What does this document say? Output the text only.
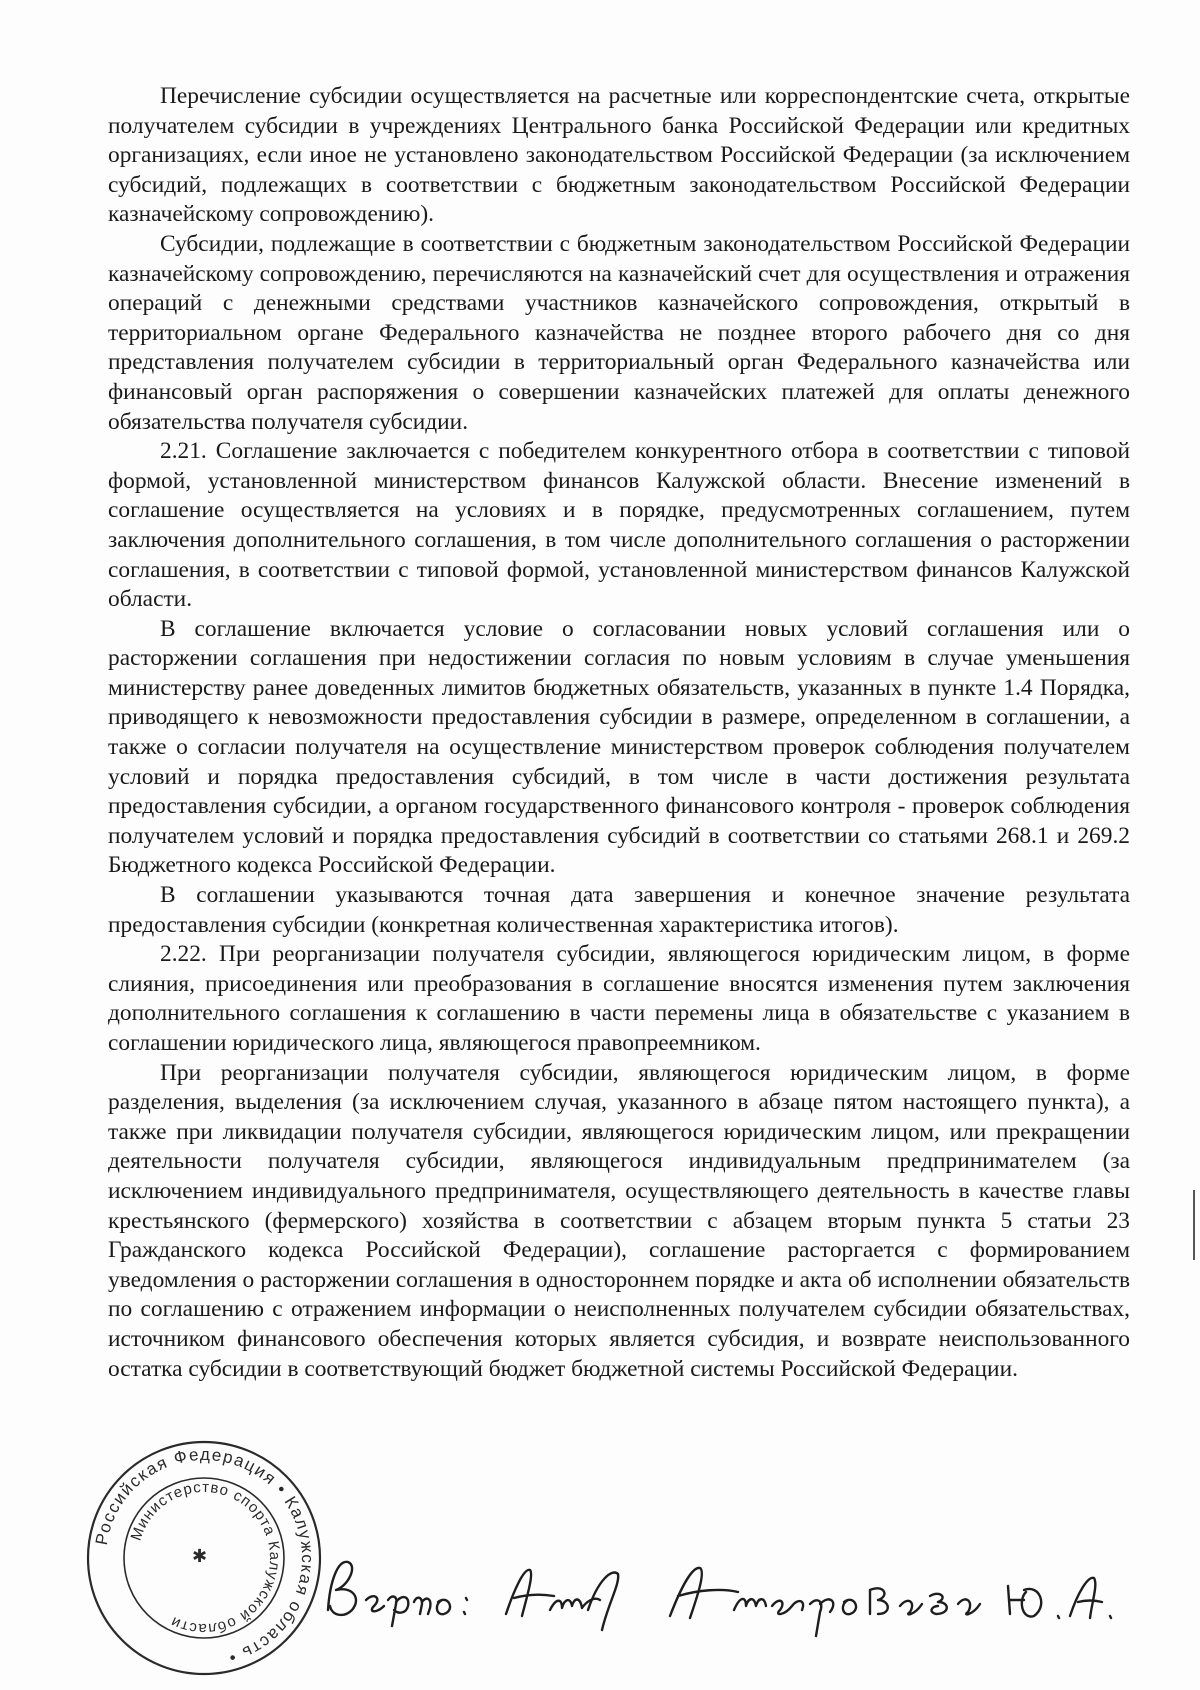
Перечисление субсидии осуществляется на расчетные или корреспондентские счета, открытые получателем субсидии в учреждениях Центрального банка Российской Федерации или кредитных организациях, если иное не установлено законодательством Российской Федерации (за исключением субсидий, подлежащих в соответствии с бюджетным законодательством Российской Федерации казначейскому сопровождению).

Субсидии, подлежащие в соответствии с бюджетным законодательством Российской Федерации казначейскому сопровождению, перечисляются на казначейский счет для осуществления и отражения операций с денежными средствами участников казначейского сопровождения, открытый в территориальном органе Федерального казначейства не позднее второго рабочего дня со дня представления получателем субсидии в территориальный орган Федерального казначейства или финансовый орган распоряжения о совершении казначейских платежей для оплаты денежного обязательства получателя субсидии.

2.21. Соглашение заключается с победителем конкурентного отбора в соответствии с типовой формой, установленной министерством финансов Калужской области. Внесение изменений в соглашение осуществляется на условиях и в порядке, предусмотренных соглашением, путем заключения дополнительного соглашения, в том числе дополнительного соглашения о расторжении соглашения, в соответствии с типовой формой, установленной министерством финансов Калужской области.

В соглашение включается условие о согласовании новых условий соглашения или о расторжении соглашения при недостижении согласия по новым условиям в случае уменьшения министерству ранее доведенных лимитов бюджетных обязательств, указанных в пункте 1.4 Порядка, приводящего к невозможности предоставления субсидии в размере, определенном в соглашении, а также о согласии получателя на осуществление министерством проверок соблюдения получателем условий и порядка предоставления субсидий, в том числе в части достижения результата предоставления субсидии, а органом государственного финансового контроля - проверок соблюдения получателем условий и порядка предоставления субсидий в соответствии со статьями 268.1 и 269.2 Бюджетного кодекса Российской Федерации.

В соглашении указываются точная дата завершения и конечное значение результата предоставления субсидии (конкретная количественная характеристика итогов).

2.22. При реорганизации получателя субсидии, являющегося юридическим лицом, в форме слияния, присоединения или преобразования в соглашение вносятся изменения путем заключения дополнительного соглашения к соглашению в части перемены лица в обязательстве с указанием в соглашении юридического лица, являющегося правопреемником.

При реорганизации получателя субсидии, являющегося юридическим лицом, в форме разделения, выделения (за исключением случая, указанного в абзаце пятом настоящего пункта), а также при ликвидации получателя субсидии, являющегося юридическим лицом, или прекращении деятельности получателя субсидии, являющегося индивидуальным предпринимателем (за исключением индивидуального предпринимателя, осуществляющего деятельность в качестве главы крестьянского (фермерского) хозяйства в соответствии с абзацем вторым пункта 5 статьи 23 Гражданского кодекса Российской Федерации), соглашение расторгается с формированием уведомления о расторжении соглашения в одностороннем порядке и акта об исполнении обязательств по соглашению с отражением информации о неисполненных получателем субсидии обязательствах, источником финансового обеспечения которых является субсидия, и возврате неиспользованного остатка субсидии в соответствующий бюджет бюджетной системы Российской Федерации.

Российская Федерация • Калужская область •
Министерство спорта Калужской области
✱
